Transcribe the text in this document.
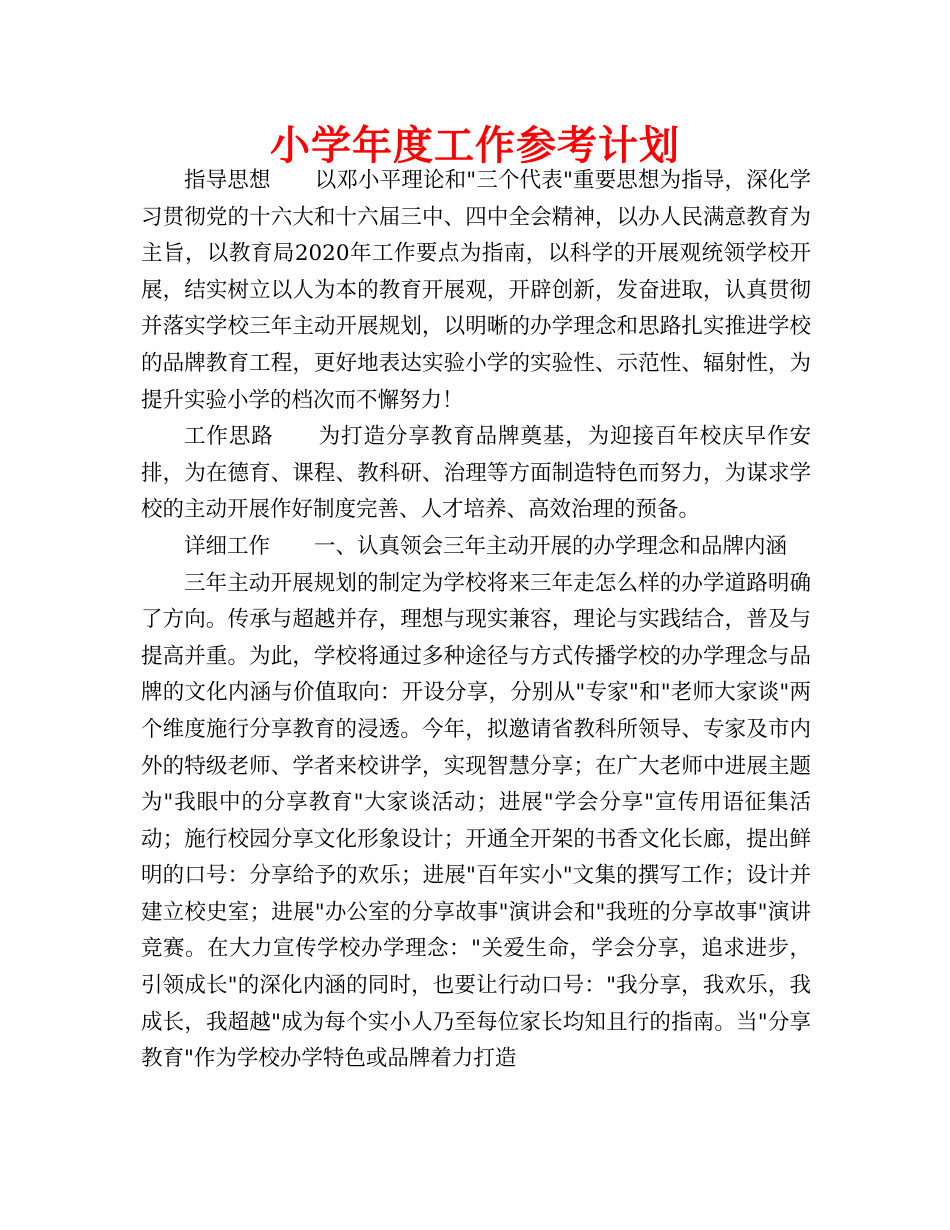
小学年度工作参考计划

指导思想 以邓小平理论和"三个代表"重要思想为指导，深化学习贯彻党的十六大和十六届三中、四中全会精神，以办人民满意教育为主旨，以教育局2020年工作要点为指南，以科学的开展观统领学校开展，结实树立以人为本的教育开展观，开辟创新，发奋进取，认真贯彻并落实学校三年主动开展规划，以明晰的办学理念和思路扎实推进学校的品牌教育工程，更好地表达实验小学的实验性、示范性、辐射性，为提升实验小学的档次而不懈努力！

工作思路 为打造分享教育品牌奠基，为迎接百年校庆早作安排，为在德育、课程、教科研、治理等方面制造特色而努力，为谋求学校的主动开展作好制度完善、人才培养、高效治理的预备。

详细工作 一、认真领会三年主动开展的办学理念和品牌内涵

三年主动开展规划的制定为学校将来三年走怎么样的办学道路明确了方向。传承与超越并存，理想与现实兼容，理论与实践结合，普及与提高并重。为此，学校将通过多种途径与方式传播学校的办学理念与品牌的文化内涵与价值取向：开设分享，分别从"专家"和"老师大家谈"两个维度施行分享教育的浸透。今年，拟邀请省教科所领导、专家及市内外的特级老师、学者来校讲学，实现智慧分享；在广大老师中进展主题为"我眼中的分享教育"大家谈活动；进展"学会分享"宣传用语征集活动；施行校园分享文化形象设计；开通全开架的书香文化长廊，提出鲜明的口号：分享给予的欢乐；进展"百年实小"文集的撰写工作；设计并建立校史室；进展"办公室的分享故事"演讲会和"我班的分享故事"演讲竞赛。在大力宣传学校办学理念："关爱生命，学会分享，追求进步，引领成长"的深化内涵的同时，也要让行动口号："我分享，我欢乐，我成长，我超越"成为每个实小人乃至每位家长均知且行的指南。当"分享教育"作为学校办学特色或品牌着力打造
